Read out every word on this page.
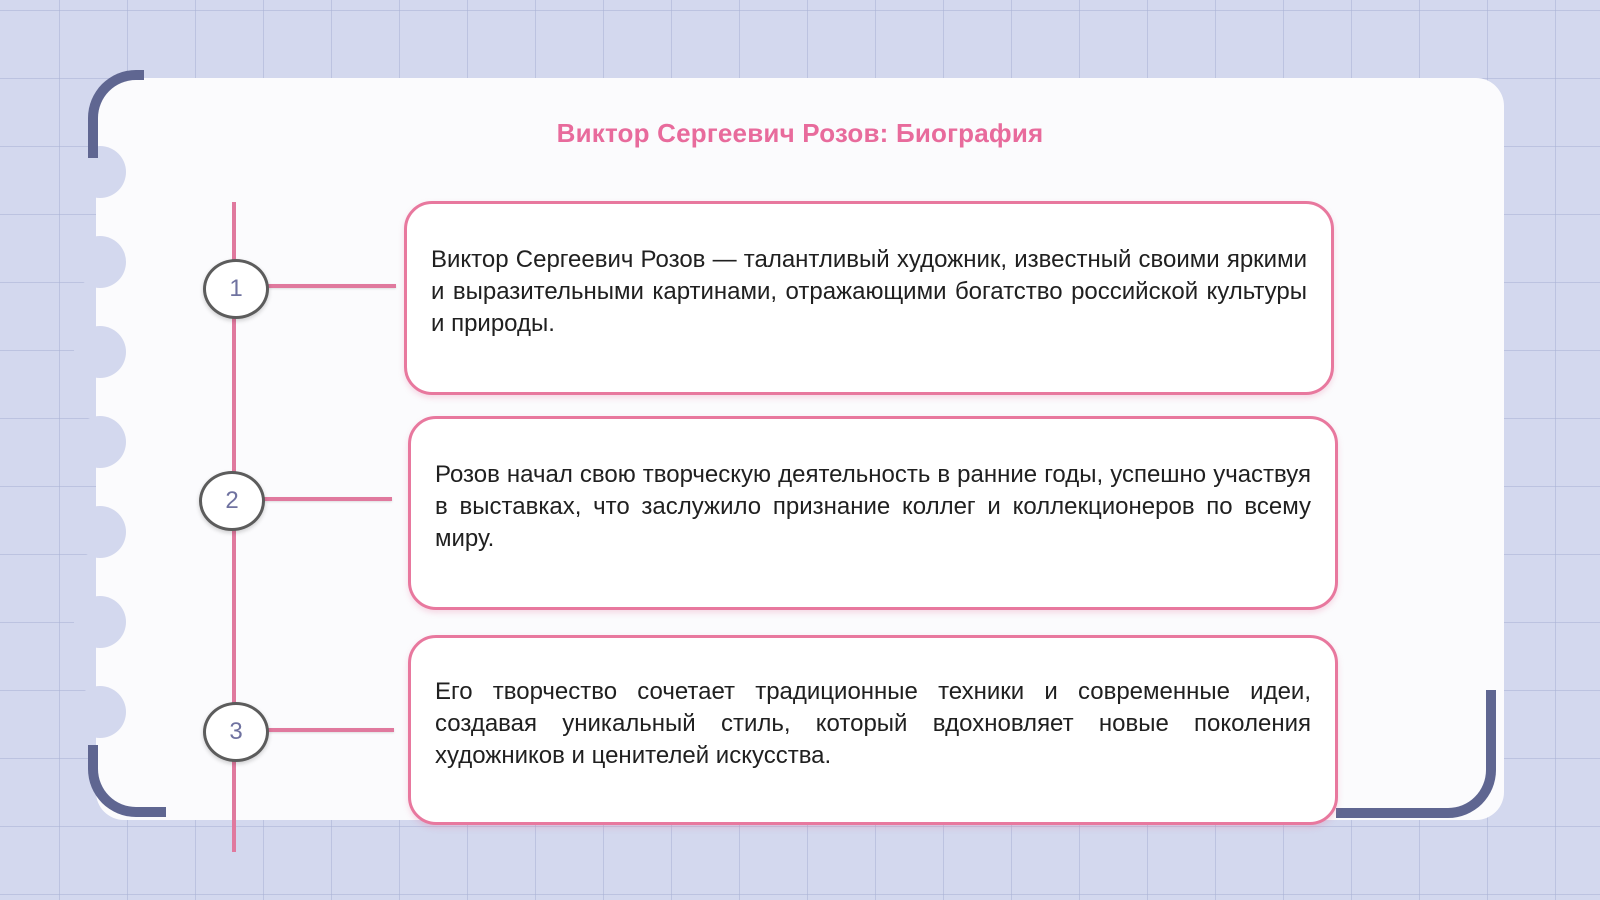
Виктор Сергеевич Розов: Биография
1
2
3

Виктор Сергеевич Розов — талантливый художник, известный своими яркими и выразительными картинами, отражающими богатство российской культуры и природы.

Розов начал свою творческую деятельность в ранние годы, успешно участвуя в выставках, что заслужило признание коллег и коллекционеров по всему миру.

Его творчество сочетает традиционные техники и современные идеи, создавая уникальный стиль, который вдохновляет новые поколения художников и ценителей искусства.
